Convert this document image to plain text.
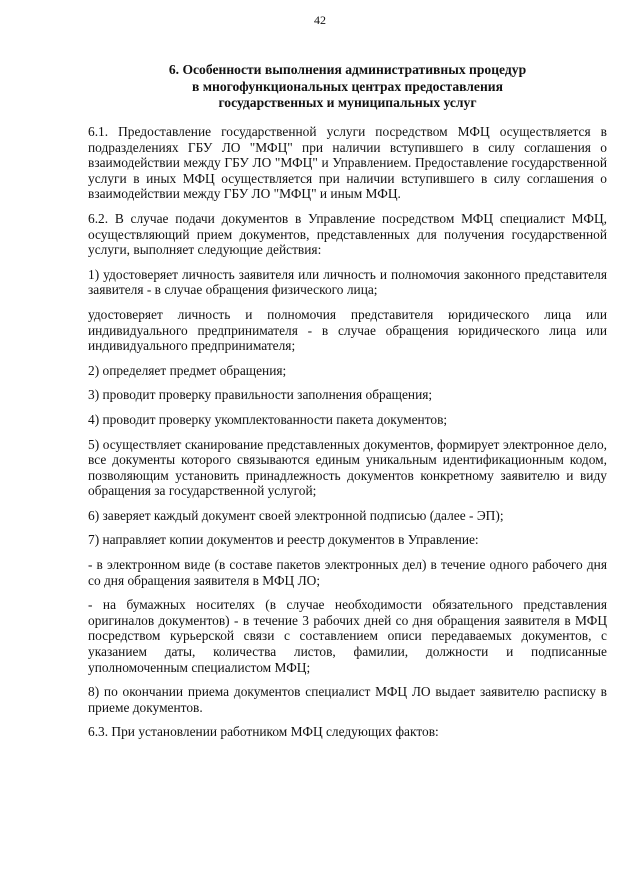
42
6. Особенности выполнения административных процедур
в многофункциональных центрах предоставления
государственных и муниципальных услуг

6.1. Предоставление государственной услуги посредством МФЦ осуществляется в подразделениях ГБУ ЛО "МФЦ" при наличии вступившего в силу соглашения о взаимодействии между ГБУ ЛО "МФЦ" и Управлением. Предоставление государственной услуги в иных МФЦ осуществляется при наличии вступившего в силу соглашения о взаимодействии между ГБУ ЛО "МФЦ" и иным МФЦ.

6.2. В случае подачи документов в Управление посредством МФЦ специалист МФЦ, осуществляющий прием документов, представленных для получения государственной услуги, выполняет следующие действия:

1) удостоверяет личность заявителя или личность и полномочия законного представителя заявителя - в случае обращения физического лица;

удостоверяет личность и полномочия представителя юридического лица или индивидуального предпринимателя - в случае обращения юридического лица или индивидуального предпринимателя;

2) определяет предмет обращения;

3) проводит проверку правильности заполнения обращения;

4) проводит проверку укомплектованности пакета документов;

5) осуществляет сканирование представленных документов, формирует электронное дело, все документы которого связываются единым уникальным идентификационным кодом, позволяющим установить принадлежность документов конкретному заявителю и виду обращения за государственной услугой;

6) заверяет каждый документ своей электронной подписью (далее - ЭП);

7) направляет копии документов и реестр документов в Управление:

- в электронном виде (в составе пакетов электронных дел) в течение одного рабочего дня со дня обращения заявителя в МФЦ ЛО;

- на бумажных носителях (в случае необходимости обязательного представления оригиналов документов) - в течение 3 рабочих дней со дня обращения заявителя в МФЦ посредством курьерской связи с составлением описи передаваемых документов, с указанием даты, количества листов, фамилии, должности и подписанные уполномоченным специалистом МФЦ;

8) по окончании приема документов специалист МФЦ ЛО выдает заявителю расписку в приеме документов.

6.3. При установлении работником МФЦ следующих фактов:
